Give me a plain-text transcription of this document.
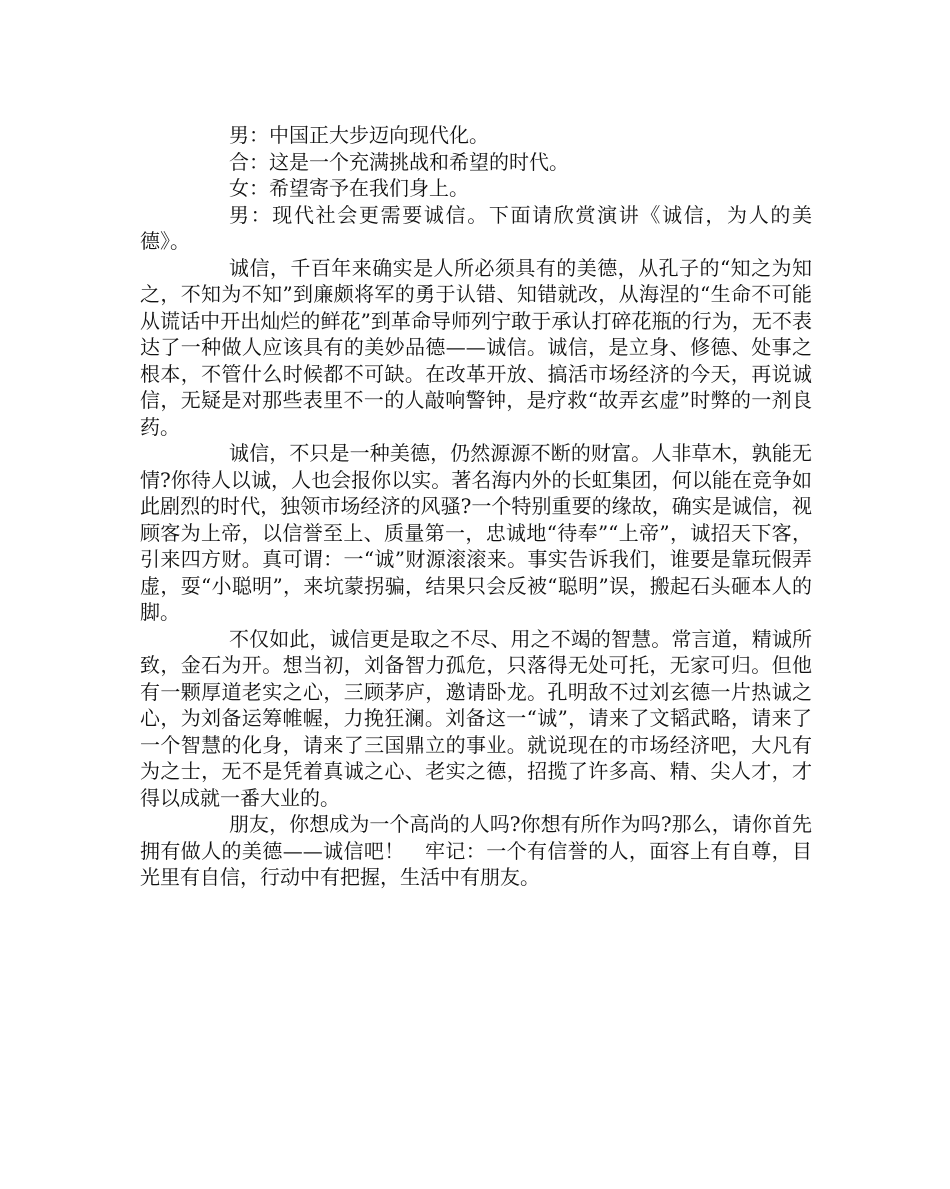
男：中国正大步迈向现代化。

合：这是一个充满挑战和希望的时代。

女：希望寄予在我们身上。

男：现代社会更需要诚信。下面请欣赏演讲《诚信，为人的美德》。

诚信，千百年来确实是人所必须具有的美德，从孔子的“知之为知之，不知为不知”到廉颇将军的勇于认错、知错就改，从海涅的“生命不可能从谎话中开出灿烂的鲜花”到革命导师列宁敢于承认打碎花瓶的行为，无不表达了一种做人应该具有的美妙品德——诚信。诚信，是立身、修德、处事之根本，不管什么时候都不可缺。在改革开放、搞活市场经济的今天，再说诚信，无疑是对那些表里不一的人敲响警钟，是疗救“故弄玄虚”时弊的一剂良药。

诚信，不只是一种美德，仍然源源不断的财富。人非草木，孰能无情?你待人以诚，人也会报你以实。著名海内外的长虹集团，何以能在竞争如此剧烈的时代，独领市场经济的风骚?一个特别重要的缘故，确实是诚信，视顾客为上帝，以信誉至上、质量第一，忠诚地“待奉”“上帝”，诚招天下客，引来四方财。真可谓：一“诚”财源滚滚来。事实告诉我们，谁要是靠玩假弄虚，耍“小聪明”，来坑蒙拐骗，结果只会反被“聪明”误，搬起石头砸本人的脚。

不仅如此，诚信更是取之不尽、用之不竭的智慧。常言道，精诚所致，金石为开。想当初，刘备智力孤危，只落得无处可托，无家可归。但他有一颗厚道老实之心，三顾茅庐，邀请卧龙。孔明敌不过刘玄德一片热诚之心，为刘备运筹帷幄，力挽狂澜。刘备这一“诚”，请来了文韬武略，请来了一个智慧的化身，请来了三国鼎立的事业。就说现在的市场经济吧，大凡有为之士，无不是凭着真诚之心、老实之德，招揽了许多高、精、尖人才，才得以成就一番大业的。

朋友，你想成为一个高尚的人吗?你想有所作为吗?那么，请你首先拥有做人的美德——诚信吧！　牢记：一个有信誉的人，面容上有自尊，目光里有自信，行动中有把握，生活中有朋友。
